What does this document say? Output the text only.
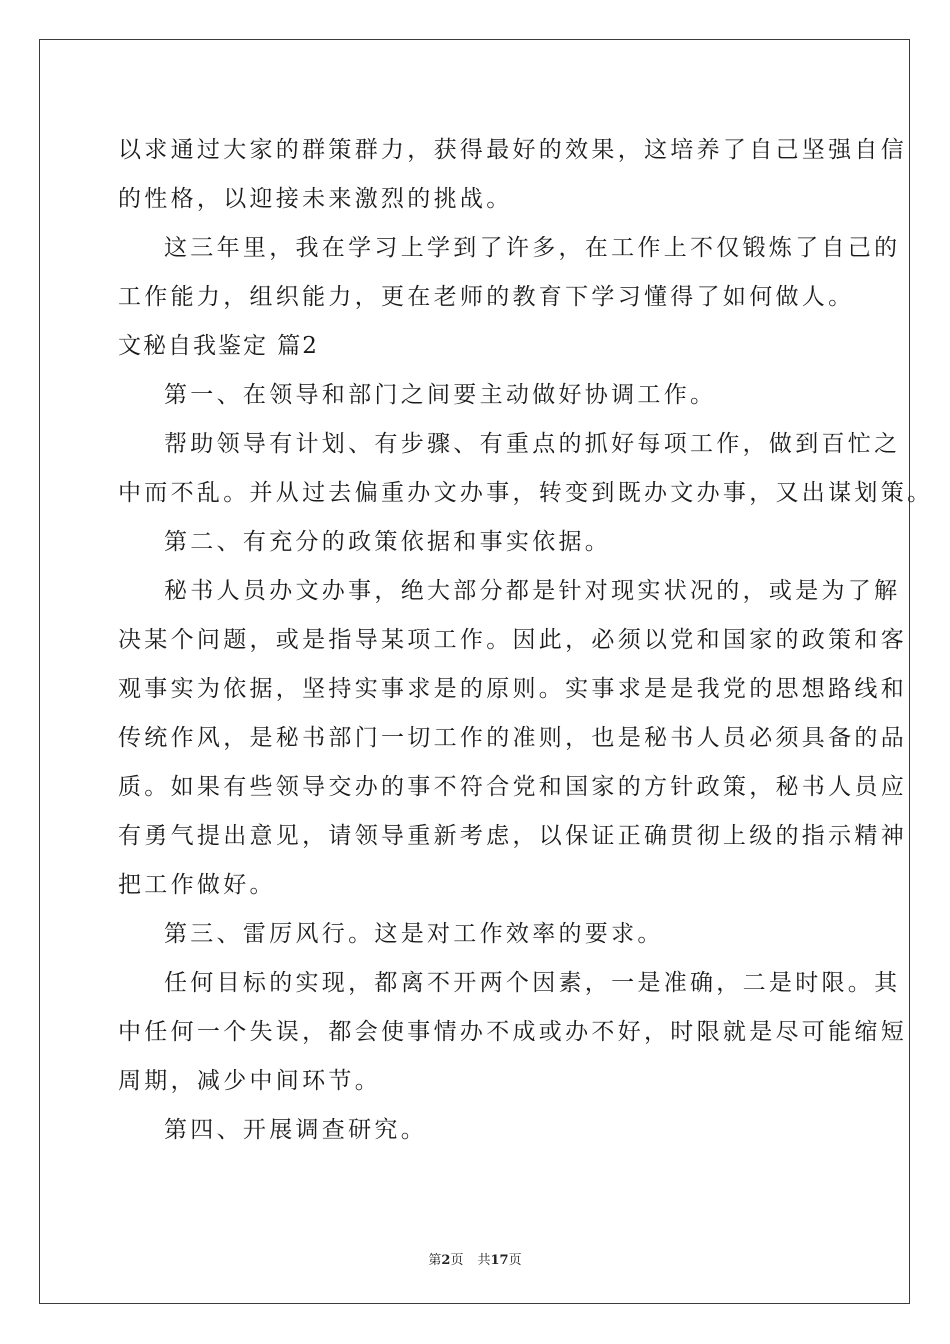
以求通过大家的群策群力，获得最好的效果，这培养了自己坚强自信
的性格，以迎接未来激烈的挑战。
这三年里，我在学习上学到了许多，在工作上不仅锻炼了自己的
工作能力，组织能力，更在老师的教育下学习懂得了如何做人。
文秘自我鉴定 篇2
第一、在领导和部门之间要主动做好协调工作。
帮助领导有计划、有步骤、有重点的抓好每项工作，做到百忙之
中而不乱。并从过去偏重办文办事，转变到既办文办事，又出谋划策。
第二、有充分的政策依据和事实依据。
秘书人员办文办事，绝大部分都是针对现实状况的，或是为了解
决某个问题，或是指导某项工作。因此，必须以党和国家的政策和客
观事实为依据，坚持实事求是的原则。实事求是是我党的思想路线和
传统作风，是秘书部门一切工作的准则，也是秘书人员必须具备的品
质。如果有些领导交办的事不符合党和国家的方针政策，秘书人员应
有勇气提出意见，请领导重新考虑，以保证正确贯彻上级的指示精神
把工作做好。
第三、雷厉风行。这是对工作效率的要求。
任何目标的实现，都离不开两个因素，一是准确，二是时限。其
中任何一个失误，都会使事情办不成或办不好，时限就是尽可能缩短
周期，减少中间环节。
第四、开展调查研究。
第2页 共17页
